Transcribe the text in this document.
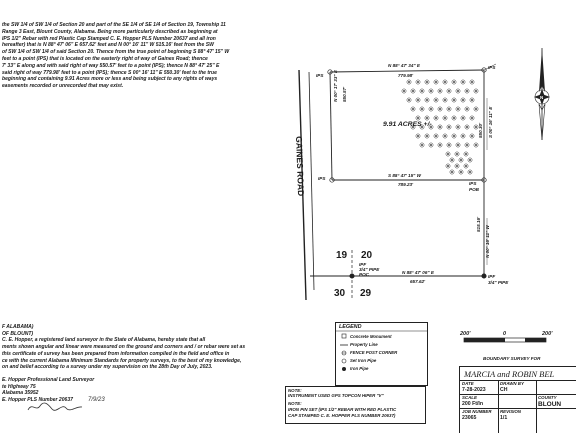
the SW 1/4 of SW 1/4 of Section 20 and part of the SE 1/4 of SE 1/4 of Section 19, Township 11
Range 3 East, Blount County, Alabama. Being more particularly described as beginning at
IPS 1/2" Rebar with red Plastic Cap Stamped C. E. Hopper PLS Number 20637 and all iron
hereafter) that is N 88° 47' 06" E 657.62' feet and N 00° 16' 11" W 515.16' feet from the SW
of SW 1/4 of SW 1/4 of said Section 20. Thence from the true point of beginning S 88° 47' 15" W
feet to a point (IPS) that is located on the easterly right of way of Gaines Road; thence
7' 33" E along and with said right of way 550.57' feet to a point (IPS); thence N 88° 47' 25" E
said right of way 779.98' feet to a point (IPS); thence S 00° 16' 11" E 550.30' feet to the true
beginning and containing 9.91 Acres more or less and being subject to any rights of ways
easements recorded or unrecorded that may exist.
N
GAINES ROAD
N 88° 47' 34" E
779.98'
S 88° 47' 15" W
789.23'
N 88° 47' 06" E
657.62'
N 00° 17' 33" E 550.57'
S 00° 16' 11" E
550.30'
N 00° 16' 11" W
515.16'
9.91 ACRES +/-
IPS
IPS
IPS
IPS
POB
IPF
3/4" PIPE
POC	IPF
3/4" PIPE
19 20
30 29
F ALABAMA)
OF BLOUNT)
C. E. Hopper, a registered land surveyor in the State of Alabama, hereby state that all
ments shown angular and linear were measured on the ground and corners and / or rebar were set as
this certificate of survey has been prepared from information compiled in the field and office in
ce with the current Alabama Minimum Standards for property surveys, to the best of my knowledge,
on and belief according to a survey under my supervision on the 28th Day of July, 2023.
E. Hopper Professional Land Surveyor
te Highway 75
Alabama 35952
E. Hopper PLS Number 20637	7/9/23
LEGEND
Concrete Monument
Property Line
FENCE POST CORNER
Set Iron Pipe
Iron Pipe
NOTE:
INSTRUMENT USED GPS TOPCON HIPER "V"
NOTE:
IRON PIN SET (IPS 1/2" REBAR WITH RED PLASTIC
CAP STAMPED C. E. HOPPER PLS NUMBER 20637)
200'	0	200'
BOUNDARY SURVEY FOR
MARCIA and ROBIN BEL
DATE
7-28-2023
DRAWN BY
CH
SCALE
200 Ft/In
JOB NUMBER
23065
REVISION
1/1
COUNTY
BLOUN
